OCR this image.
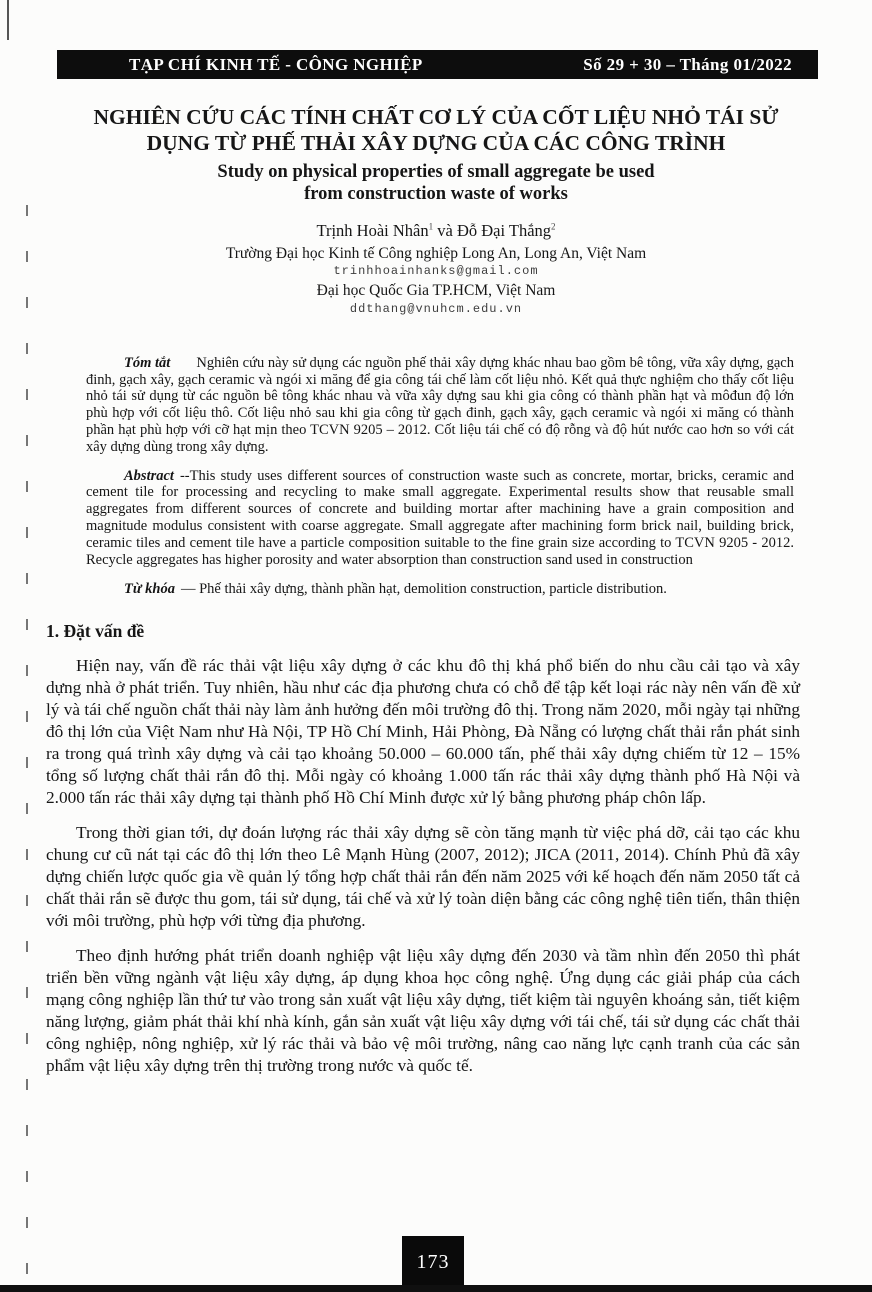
TẠP CHÍ KINH TẾ - CÔNG NGHIỆP	Số 29 + 30 – Tháng 01/2022
NGHIÊN CỨU CÁC TÍNH CHẤT CƠ LÝ CỦA CỐT LIỆU NHỎ TÁI SỬ DỤNG TỪ PHẾ THẢI XÂY DỰNG CỦA CÁC CÔNG TRÌNH
Study on physical properties of small aggregate be used
from construction waste of works
Trịnh Hoài Nhân$^1$ và Đỗ Đại Thắng$^2$
Trường Đại học Kinh tế Công nghiệp Long An, Long An, Việt Nam
trinhhoainhanks@gmail.com
Đại học Quốc Gia TP.HCM, Việt Nam
ddthang@vnuhcm.edu.vn

Tóm tắt Nghiên cứu này sử dụng các nguồn phế thải xây dựng khác nhau bao gồm bê tông, vữa xây dựng, gạch đinh, gạch xây, gạch ceramic và ngói xi măng để gia công tái chế làm cốt liệu nhỏ. Kết quả thực nghiệm cho thấy cốt liệu nhỏ tái sử dụng từ các nguồn bê tông khác nhau và vữa xây dựng sau khi gia công có thành phần hạt và môđun độ lớn phù hợp với cốt liệu thô. Cốt liệu nhỏ sau khi gia công từ gạch đinh, gạch xây, gạch ceramic và ngói xi măng có thành phần hạt phù hợp với cỡ hạt mịn theo TCVN 9205 – 2012. Cốt liệu tái chế có độ rỗng và độ hút nước cao hơn so với cát xây dựng dùng trong xây dựng.

Abstract --This study uses different sources of construction waste such as concrete, mortar, bricks, ceramic and cement tile for processing and recycling to make small aggregate. Experimental results show that reusable small aggregates from different sources of concrete and building mortar after machining have a grain composition and magnitude modulus consistent with coarse aggregate. Small aggregate after machining form brick nail, building brick, ceramic tiles and cement tile have a particle composition suitable to the fine grain size according to TCVN 9205 - 2012. Recycle aggregates has higher porosity and water absorption than construction sand used in construction

Từ khóa — Phế thải xây dựng, thành phần hạt, demolition construction, particle distribution.

1. Đặt vấn đề

Hiện nay, vấn đề rác thải vật liệu xây dựng ở các khu đô thị khá phổ biến do nhu cầu cải tạo và xây dựng nhà ở phát triển. Tuy nhiên, hầu như các địa phương chưa có chỗ để tập kết loại rác này nên vấn đề xử lý và tái chế nguồn chất thải này làm ảnh hưởng đến môi trường đô thị. Trong năm 2020, mỗi ngày tại những đô thị lớn của Việt Nam như Hà Nội, TP Hồ Chí Minh, Hải Phòng, Đà Nẵng có lượng chất thải rắn phát sinh ra trong quá trình xây dựng và cải tạo khoảng 50.000 – 60.000 tấn, phế thải xây dựng chiếm từ 12 – 15% tổng số lượng chất thải rắn đô thị. Mỗi ngày có khoảng 1.000 tấn rác thải xây dựng thành phố Hà Nội và 2.000 tấn rác thải xây dựng tại thành phố Hồ Chí Minh được xử lý bằng phương pháp chôn lấp.

Trong thời gian tới, dự đoán lượng rác thải xây dựng sẽ còn tăng mạnh từ việc phá dỡ, cải tạo các khu chung cư cũ nát tại các đô thị lớn theo Lê Mạnh Hùng (2007, 2012); JICA (2011, 2014). Chính Phủ đã xây dựng chiến lược quốc gia về quản lý tổng hợp chất thải rắn đến năm 2025 với kế hoạch đến năm 2050 tất cả chất thải rắn sẽ được thu gom, tái sử dụng, tái chế và xử lý toàn diện bằng các công nghệ tiên tiến, thân thiện với môi trường, phù hợp với từng địa phương.

Theo định hướng phát triển doanh nghiệp vật liệu xây dựng đến 2030 và tầm nhìn đến 2050 thì phát triển bền vững ngành vật liệu xây dựng, áp dụng khoa học công nghệ. Ứng dụng các giải pháp của cách mạng công nghiệp lần thứ tư vào trong sản xuất vật liệu xây dựng, tiết kiệm tài nguyên khoáng sản, tiết kiệm năng lượng, giảm phát thải khí nhà kính, gắn sản xuất vật liệu xây dựng với tái chế, tái sử dụng các chất thải công nghiệp, nông nghiệp, xử lý rác thải và bảo vệ môi trường, nâng cao năng lực cạnh tranh của các sản phẩm vật liệu xây dựng trên thị trường trong nước và quốc tế.

173
